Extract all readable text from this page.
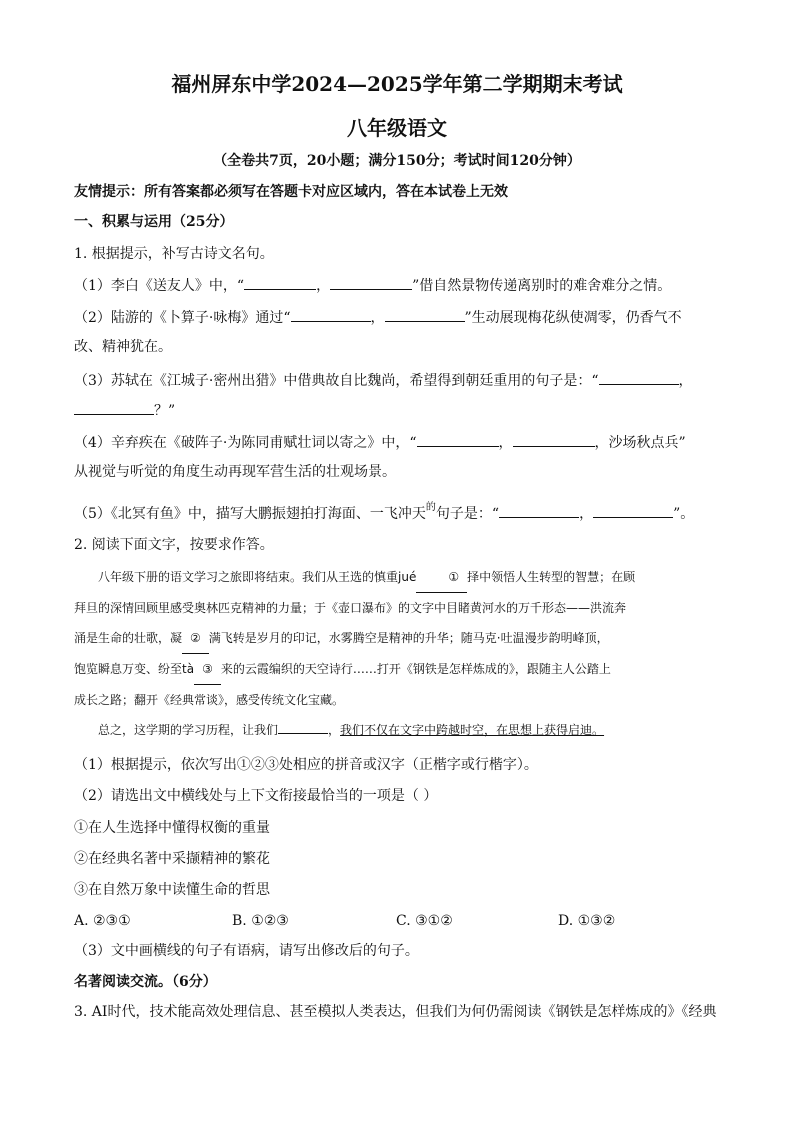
福州屏东中学2024—2025学年第二学期期末考试
八年级语文
（全卷共7页，20小题；满分150分；考试时间120分钟）
友情提示：所有答案都必须写在答题卡对应区域内，答在本试卷上无效
一、积累与运用（25分）
1. 根据提示，补写古诗文名句。
（1）李白《送友人》中，“	，	”借自然景物传递离别时的难舍难分之情。
（2）陆游的《卜算子·咏梅》通过“	，	”生动展现梅花纵使凋零，仍香气不
改、精神犹在。
（3）苏轼在《江城子·密州出猎》中借典故自比魏尚，希望得到朝廷重用的句子是：“	，
？”
（4）辛弃疾在《破阵子·为陈同甫赋壮词以寄之》中，“	，	，沙场秋点兵”
从视觉与听觉的角度生动再现军营生活的壮观场景。
（5）《北冥有鱼》中，描写大鹏振翅拍打海面、一飞冲天$^的$句子是：“	，	”。
2. 阅读下面文字，按要求作答。
八年级下册的语文学习之旅即将结束。我们从王选的慎重jué	① 择中领悟人生转型的智慧；在顾
拜旦的深情回顾里感受奥林匹克精神的力量；于《壶口瀑布》的文字中目睹黄河水的万千形态——洪流奔
涌是生命的壮歌，凝 ② 满飞转是岁月的印记，水雾腾空是精神的升华；随马克·吐温漫步韵明峰顶，
饱览瞬息万变、纷至tà ③ 来的云霞编织的天空诗行……打开《钢铁是怎样炼成的》，跟随主人公踏上
成长之路；翻开《经典常谈》，感受传统文化宝藏。
总之，这学期的学习历程，让我们	，我们不仅在文字中跨越时空，在思想上获得启迪。
（1）根据提示，依次写出①②③处相应的拼音或汉字（正楷字或行楷字）。
（2）请选出文中横线处与上下文衔接最恰当的一项是（ ）
①在人生选择中懂得权衡的重量
②在经典名著中采撷精神的繁花
③在自然万象中读懂生命的哲思
A. ②③①	B. ①②③	C. ③①②	D. ①③②
（3）文中画横线的句子有语病，请写出修改后的句子。
名著阅读交流。（6分）
3. AI时代，技术能高效处理信息、甚至模拟人类表达，但我们为何仍需阅读《钢铁是怎样炼成的》《经典
